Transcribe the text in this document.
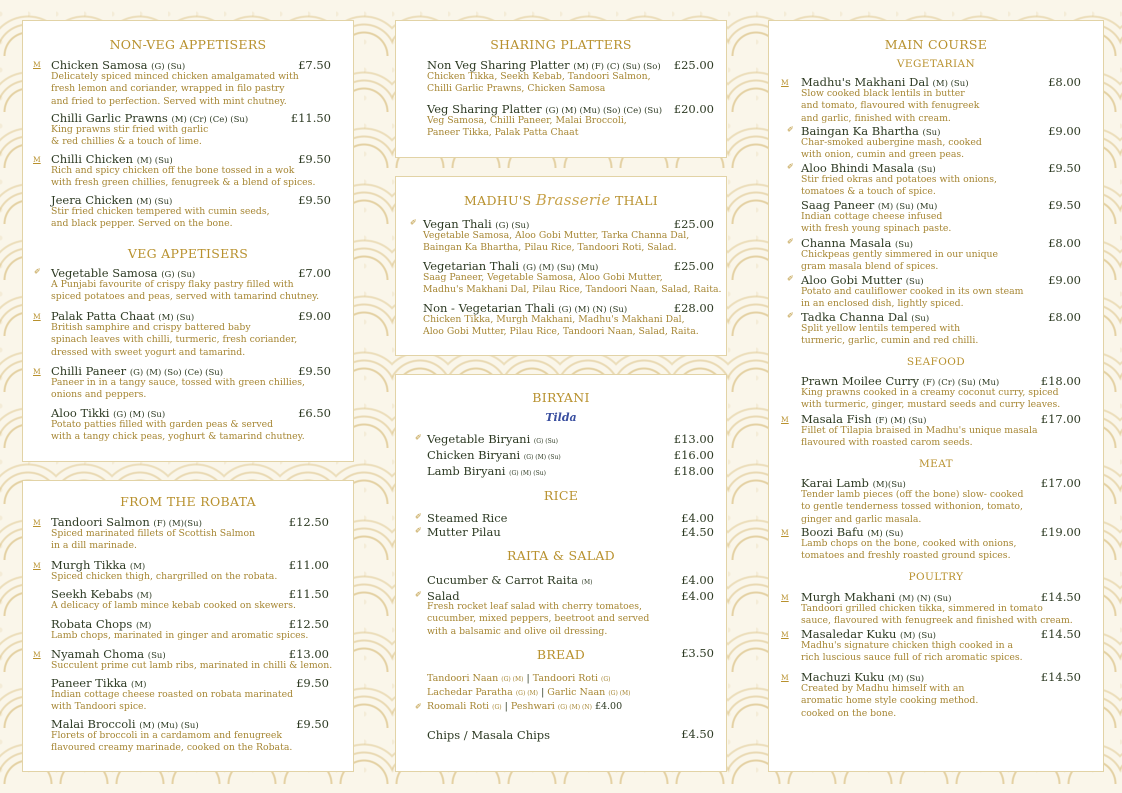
NON-VEG APPETISERS
M Chicken Samosa (G) (Su)	£7.50
Delicately spiced minced chicken amalgamated with
fresh lemon and coriander, wrapped in filo pastry
and fried to perfection. Served with mint chutney.
Chilli Garlic Prawns (M) (Cr) (Ce) (Su)	£11.50
King prawns stir fried with garlic
& red chillies & a touch of lime.
M Chilli Chicken (M) (Su)	£9.50
Rich and spicy chicken off the bone tossed in a wok
with fresh green chillies, fenugreek & a blend of spices.
Jeera Chicken (M) (Su)	£9.50
Stir fried chicken tempered with cumin seeds,
and black pepper. Served on the bone.
VEG APPETISERS
✐ Vegetable Samosa (G) (Su)	£7.00
A Punjabi favourite of crispy flaky pastry filled with
spiced potatoes and peas, served with tamarind chutney.
M Palak Patta Chaat (M) (Su)	£9.00
British samphire and crispy battered baby
spinach leaves with chilli, turmeric, fresh coriander,
dressed with sweet yogurt and tamarind.
M Chilli Paneer (G) (M) (So) (Ce) (Su)	£9.50
Paneer in in a tangy sauce, tossed with green chillies,
onions and peppers.
Aloo Tikki (G) (M) (Su)	£6.50
Potato patties filled with garden peas & served
with a tangy chick peas, yoghurt & tamarind chutney.
FROM THE ROBATA
M Tandoori Salmon (F) (M)(Su)	£12.50
Spiced marinated fillets of Scottish Salmon
in a dill marinade.
M Murgh Tikka (M)	£11.00
Spiced chicken thigh, chargrilled on the robata.
Seekh Kebabs (M)	£11.50
A delicacy of lamb mince kebab cooked on skewers.
Robata Chops (M)	£12.50
Lamb chops, marinated in ginger and aromatic spices.
M Nyamah Choma (Su)	£13.00
Succulent prime cut lamb ribs, marinated in chilli & lemon.
Paneer Tikka (M)	£9.50
Indian cottage cheese roasted on robata marinated
with Tandoori spice.
Malai Broccoli (M) (Mu) (Su)	£9.50
Florets of broccoli in a cardamom and fenugreek
flavoured creamy marinade, cooked on the Robata.
SHARING PLATTERS
Non Veg Sharing Platter (M) (F) (C) (Su) (So) £25.00
Chicken Tikka, Seekh Kebab, Tandoori Salmon,
Chilli Garlic Prawns, Chicken Samosa
Veg Sharing Platter (G) (M) (Mu) (So) (Ce) (Su) £20.00
Veg Samosa, Chilli Paneer, Malai Broccoli,
Paneer Tikka, Palak Patta Chaat
MADHU'S Brasserie THALI
✐ Vegan Thali (G) (Su)	£25.00
Vegetable Samosa, Aloo Gobi Mutter, Tarka Channa Dal,
Baingan Ka Bhartha, Pilau Rice, Tandoori Roti, Salad.
Vegetarian Thali (G) (M) (Su) (Mu)	£25.00
Saag Paneer, Vegetable Samosa, Aloo Gobi Mutter,
Madhu's Makhani Dal, Pilau Rice, Tandoori Naan, Salad, Raita.
Non - Vegetarian Thali (G) (M) (N) (Su)	£28.00
Chicken Tikka, Murgh Makhani, Madhu's Makhani Dal,
Aloo Gobi Mutter, Pilau Rice, Tandoori Naan, Salad, Raita.
BIRYANI
Tilda
✐ Vegetable Biryani (G) (Su)	£13.00
Chicken Biryani (G) (M) (Su)	£16.00
Lamb Biryani (G) (M) (Su)	£18.00
RICE
✐ Steamed Rice	£4.00
✐ Mutter Pilau	£4.50
RAITA & SALAD
Cucumber & Carrot Raita (M)	£4.00
✐ Salad	£4.00
Fresh rocket leaf salad with cherry tomatoes,
cucumber, mixed peppers, beetroot and served
with a balsamic and olive oil dressing.
BREAD	£3.50
Tandoori Naan (G) (M) | Tandoori Roti (G)
Lachedar Paratha (G) (M) | Garlic Naan (G) (M)
✐ Roomali Roti (G) | Peshwari (G) (M) (N) £4.00
Chips / Masala Chips	£4.50
MAIN COURSE
VEGETARIAN
M Madhu's Makhani Dal (M) (Su)	£8.00
Slow cooked black lentils in butter
and tomato, flavoured with fenugreek
and garlic, finished with cream.
✐ Baingan Ka Bhartha (Su)	£9.00
Char-smoked aubergine mash, cooked
with onion, cumin and green peas.
✐ Aloo Bhindi Masala (Su)	£9.50
Stir fried okras and potatoes with onions,
tomatoes & a touch of spice.
Saag Paneer (M) (Su) (Mu)	£9.50
Indian cottage cheese infused
with fresh young spinach paste.
✐ Channa Masala (Su)	£8.00
Chickpeas gently simmered in our unique
gram masala blend of spices.
✐ Aloo Gobi Mutter (Su)	£9.00
Potato and cauliflower cooked in its own steam
in an enclosed dish, lightly spiced.
✐ Tadka Channa Dal (Su)	£8.00
Split yellow lentils tempered with
turmeric, garlic, cumin and red chilli.
SEAFOOD
Prawn Moilee Curry (F) (Cr) (Su) (Mu)	£18.00
King prawns cooked in a creamy coconut curry, spiced
with turmeric, ginger, mustard seeds and curry leaves.
M Masala Fish (F) (M) (Su)	£17.00
Fillet of Tilapia braised in Madhu's unique masala
flavoured with roasted carom seeds.
MEAT
Karai Lamb (M)(Su)	£17.00
Tender lamb pieces (off the bone) slow- cooked
to gentle tenderness tossed withonion, tomato,
ginger and garlic masala.
M Boozi Bafu (M) (Su)	£19.00
Lamb chops on the bone, cooked with onions,
tomatoes and freshly roasted ground spices.
POULTRY
M Murgh Makhani (M) (N) (Su)	£14.50
Tandoori grilled chicken tikka, simmered in tomato
sauce, flavoured with fenugreek and finished with cream.
M Masaledar Kuku (M) (Su)	£14.50
Madhu's signature chicken thigh cooked in a
rich luscious sauce full of rich aromatic spices.
M Machuzi Kuku (M) (Su)	£14.50
Created by Madhu himself with an
aromatic home style cooking method.
cooked on the bone.
